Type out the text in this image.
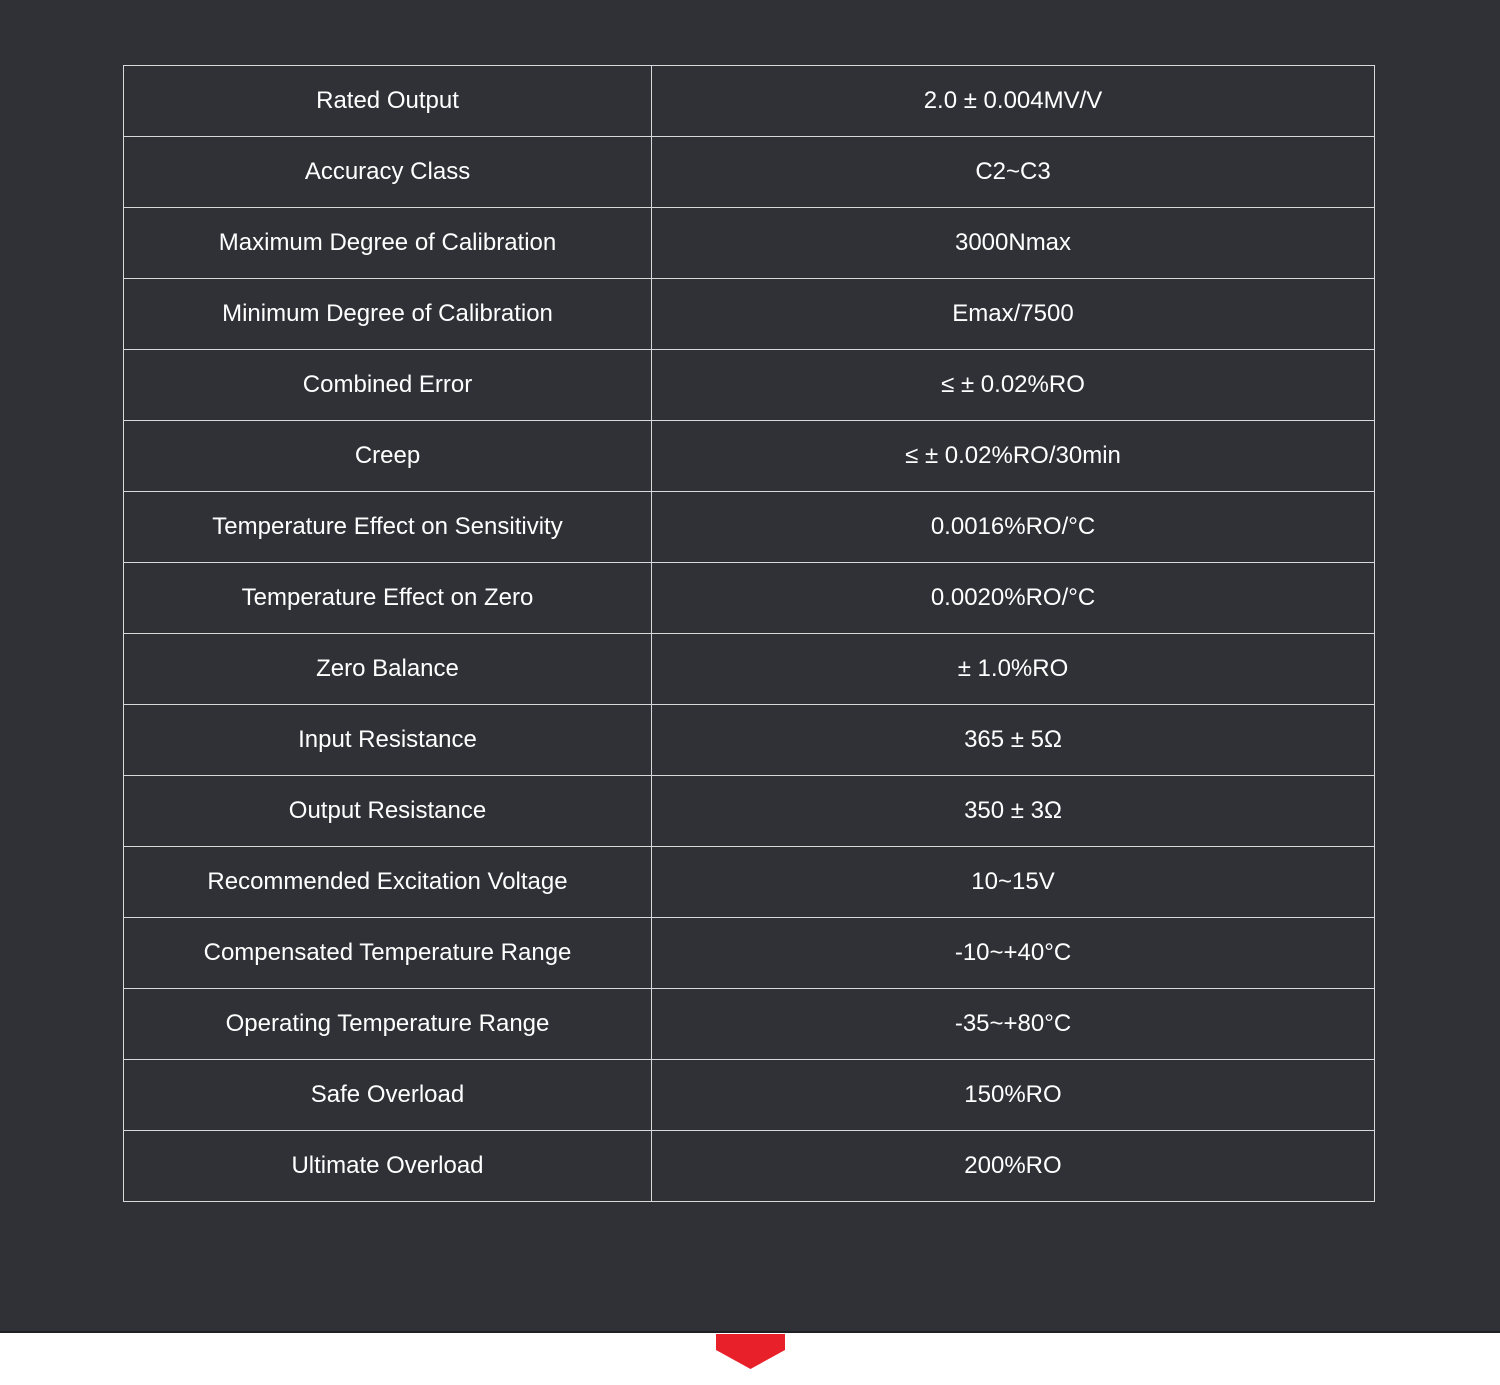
Rated Output	2.0 ± 0.004MV/V
Accuracy Class	C2~C3
Maximum Degree of Calibration	3000Nmax
Minimum Degree of Calibration	Emax/7500
Combined Error	≤ ± 0.02%RO
Creep	≤ ± 0.02%RO/30min
Temperature Effect on Sensitivity	0.0016%RO/°C
Temperature Effect on Zero	0.0020%RO/°C
Zero Balance	± 1.0%RO
Input Resistance	365 ± 5Ω
Output Resistance	350 ± 3Ω
Recommended Excitation Voltage	10~15V
Compensated Temperature Range	-10~+40°C
Operating Temperature Range	-35~+80°C
Safe Overload	150%RO
Ultimate Overload	200%RO
